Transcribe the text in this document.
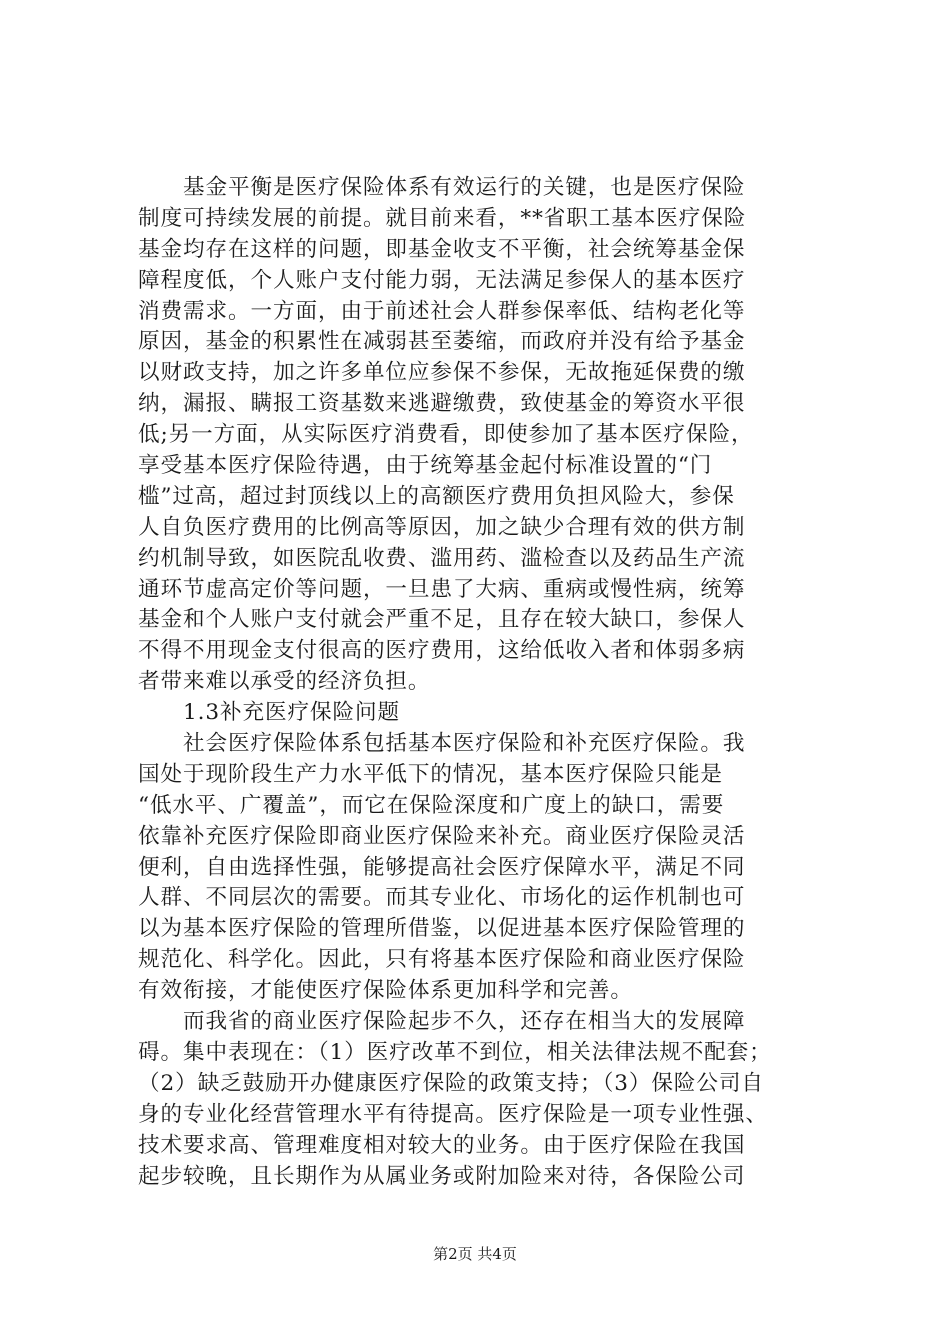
基金平衡是医疗保险体系有效运行的关键，也是医疗保险
制度可持续发展的前提。就目前来看，**省职工基本医疗保险
基金均存在这样的问题，即基金收支不平衡，社会统筹基金保
障程度低，个人账户支付能力弱，无法满足参保人的基本医疗
消费需求。一方面，由于前述社会人群参保率低、结构老化等
原因，基金的积累性在减弱甚至萎缩，而政府并没有给予基金
以财政支持，加之许多单位应参保不参保，无故拖延保费的缴
纳，漏报、瞒报工资基数来逃避缴费，致使基金的筹资水平很
低;另一方面，从实际医疗消费看，即使参加了基本医疗保险，
享受基本医疗保险待遇，由于统筹基金起付标准设置的“门
槛”过高，超过封顶线以上的高额医疗费用负担风险大，参保
人自负医疗费用的比例高等原因，加之缺少合理有效的供方制
约机制导致，如医院乱收费、滥用药、滥检查以及药品生产流
通环节虚高定价等问题，一旦患了大病、重病或慢性病，统筹
基金和个人账户支付就会严重不足，且存在较大缺口，参保人
不得不用现金支付很高的医疗费用，这给低收入者和体弱多病
者带来难以承受的经济负担。
1.3补充医疗保险问题
社会医疗保险体系包括基本医疗保险和补充医疗保险。我
国处于现阶段生产力水平低下的情况，基本医疗保险只能是
“低水平、广覆盖”，而它在保险深度和广度上的缺口，需要
依靠补充医疗保险即商业医疗保险来补充。商业医疗保险灵活
便利，自由选择性强，能够提高社会医疗保障水平，满足不同
人群、不同层次的需要。而其专业化、市场化的运作机制也可
以为基本医疗保险的管理所借鉴，以促进基本医疗保险管理的
规范化、科学化。因此，只有将基本医疗保险和商业医疗保险
有效衔接，才能使医疗保险体系更加科学和完善。
而我省的商业医疗保险起步不久，还存在相当大的发展障
碍。集中表现在：（1）医疗改革不到位，相关法律法规不配套；
（2）缺乏鼓励开办健康医疗保险的政策支持；（3）保险公司自
身的专业化经营管理水平有待提高。医疗保险是一项专业性强、
技术要求高、管理难度相对较大的业务。由于医疗保险在我国
起步较晚，且长期作为从属业务或附加险来对待，各保险公司
第2页 共4页
